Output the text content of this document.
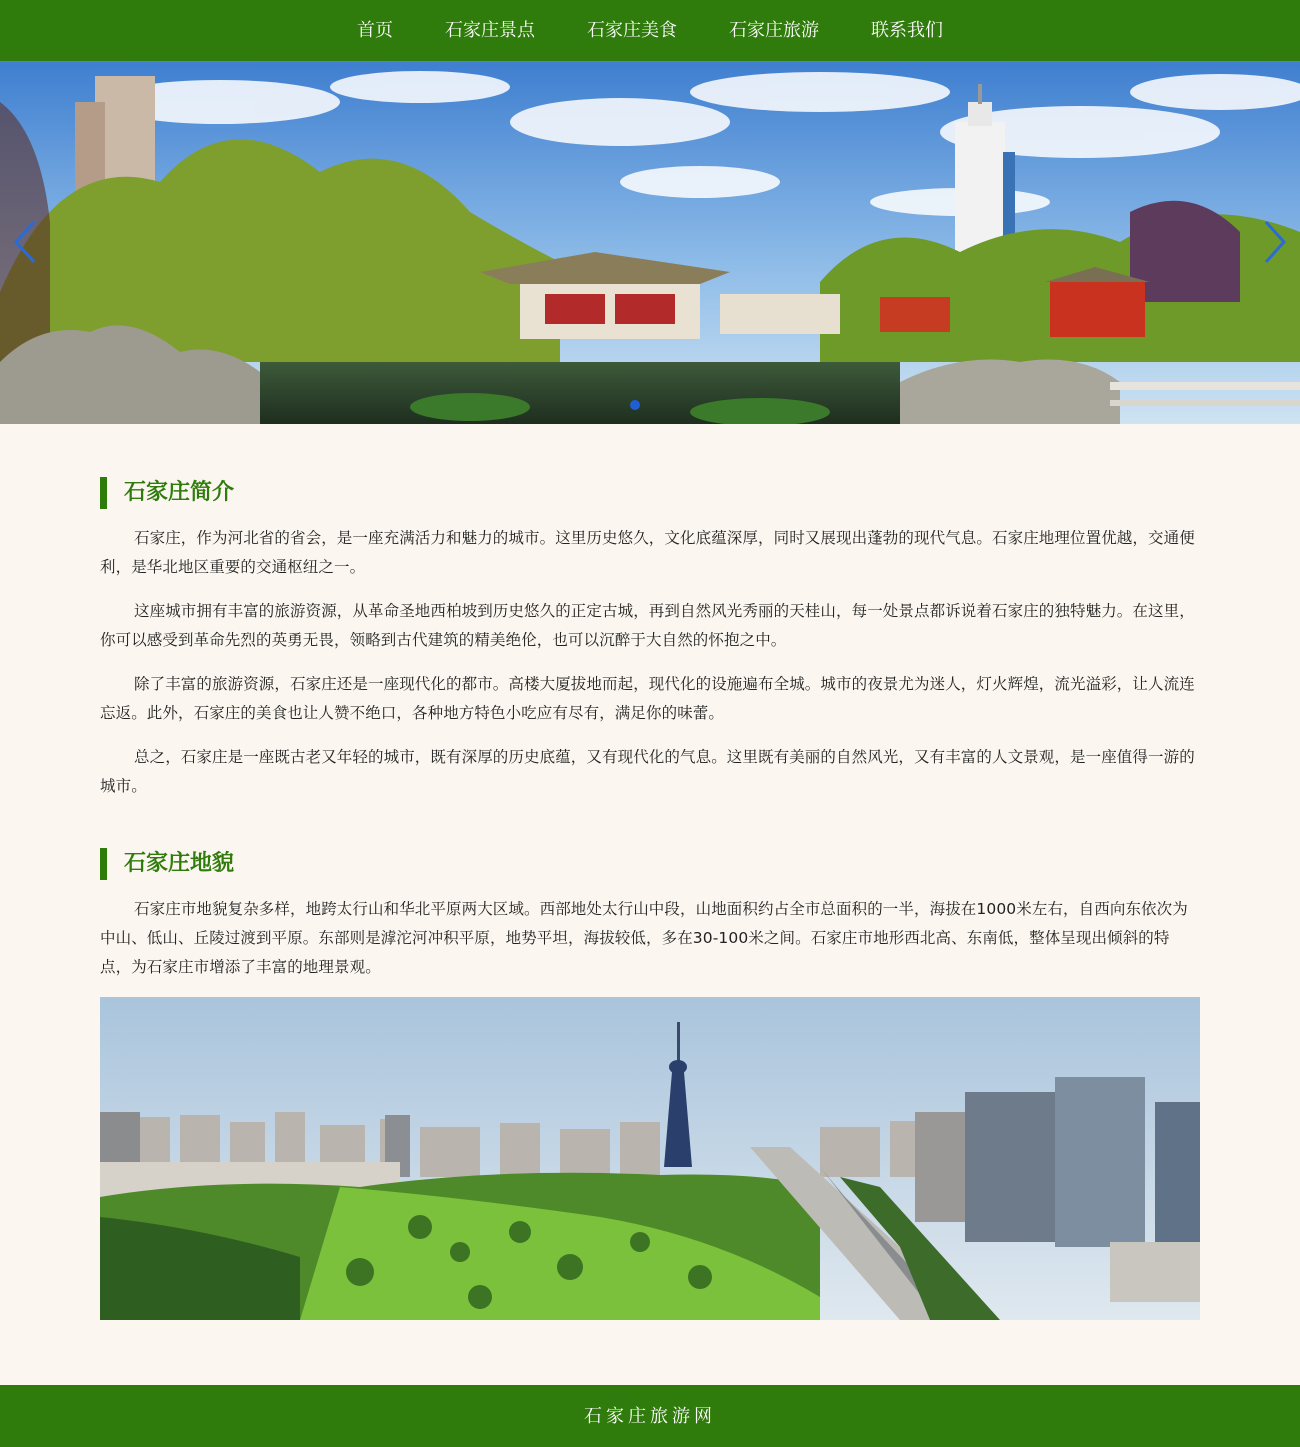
首页	石家庄景点	石家庄美食	石家庄旅游	联系我们
石家庄简介

石家庄，作为河北省的省会，是一座充满活力和魅力的城市。这里历史悠久，文化底蕴深厚，同时又展现出蓬勃的现代气息。石家庄地理位置优越，交通便利，是华北地区重要的交通枢纽之一。

这座城市拥有丰富的旅游资源，从革命圣地西柏坡到历史悠久的正定古城，再到自然风光秀丽的天桂山，每一处景点都诉说着石家庄的独特魅力。在这里，你可以感受到革命先烈的英勇无畏，领略到古代建筑的精美绝伦，也可以沉醉于大自然的怀抱之中。

除了丰富的旅游资源，石家庄还是一座现代化的都市。高楼大厦拔地而起，现代化的设施遍布全城。城市的夜景尤为迷人，灯火辉煌，流光溢彩，让人流连忘返。此外，石家庄的美食也让人赞不绝口，各种地方特色小吃应有尽有，满足你的味蕾。

总之，石家庄是一座既古老又年轻的城市，既有深厚的历史底蕴，又有现代化的气息。这里既有美丽的自然风光，又有丰富的人文景观，是一座值得一游的城市。

石家庄地貌

石家庄市地貌复杂多样，地跨太行山和华北平原两大区域。西部地处太行山中段，山地面积约占全市总面积的一半，海拔在1000米左右，自西向东依次为中山、低山、丘陵过渡到平原。东部则是滹沱河冲积平原，地势平坦，海拔较低，多在30-100米之间。石家庄市地形西北高、东南低，整体呈现出倾斜的特点，为石家庄市增添了丰富的地理景观。

石家庄旅游网
